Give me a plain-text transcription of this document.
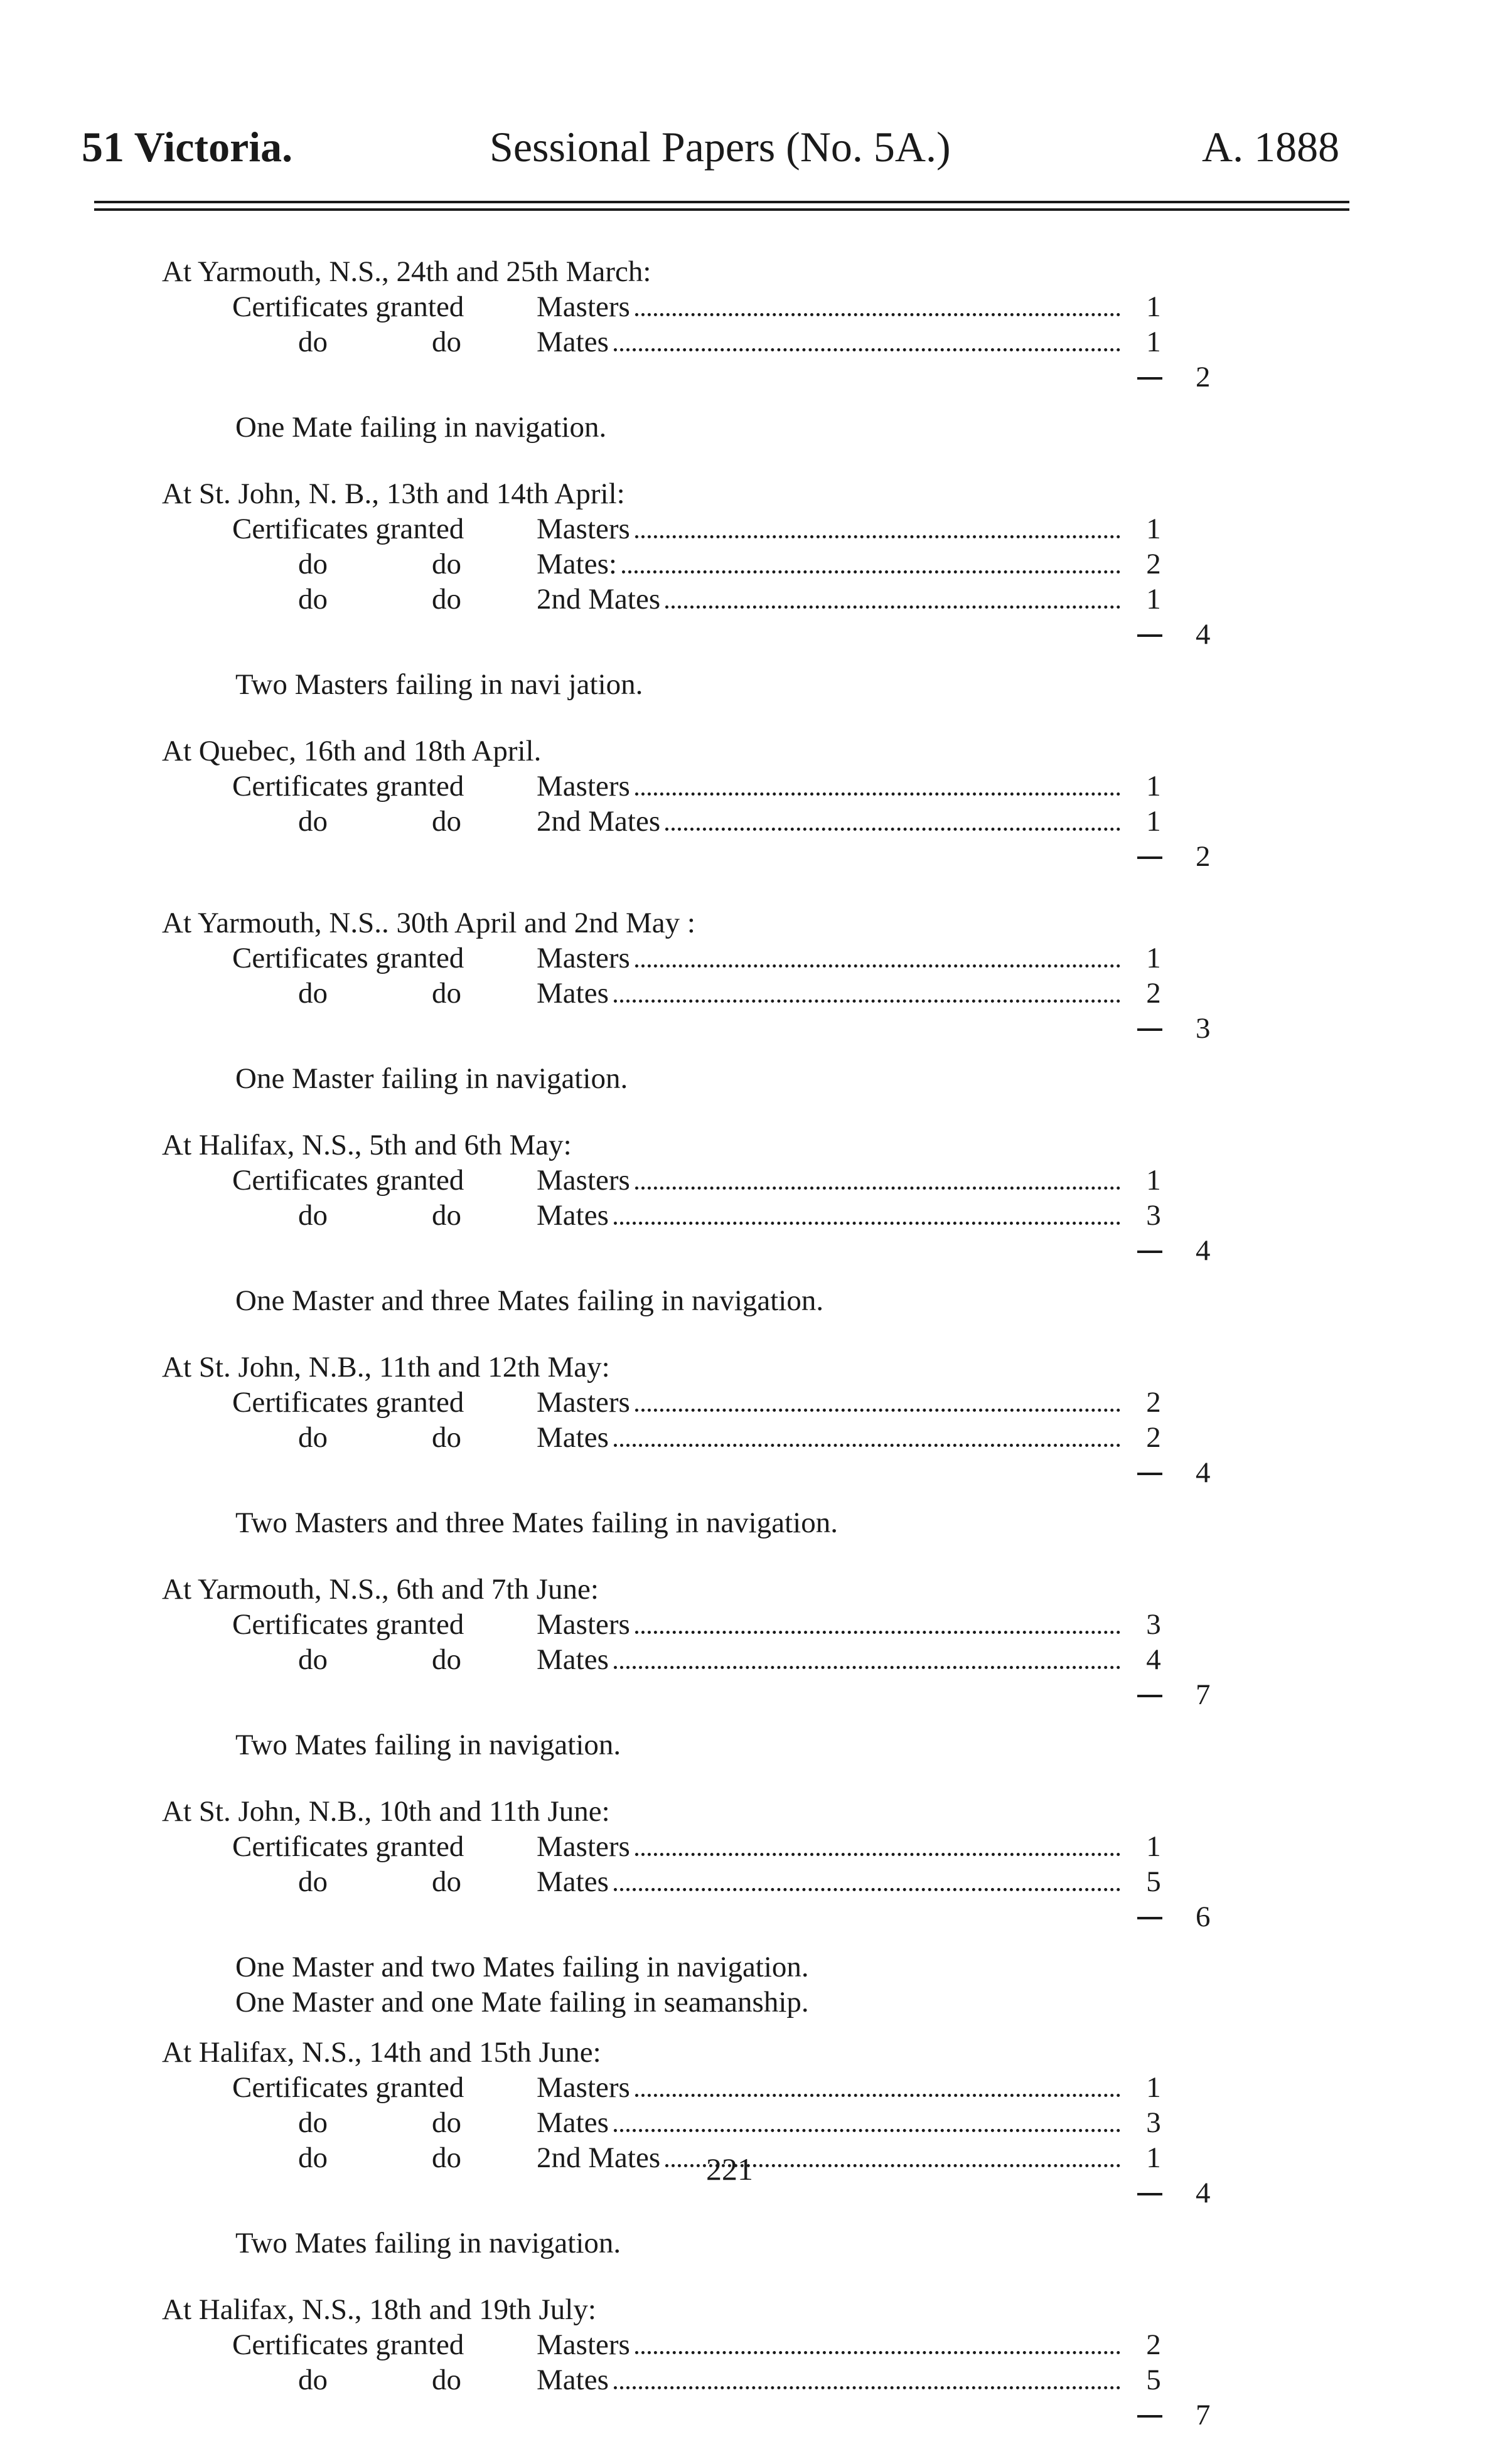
51 Victoria.	Sessional Papers (No. 5A.)	A. 1888
At Yarmouth, N.S., 24th and 25th March:
Certificates granted Masters	1
do	do	Mates	1
2
One Mate failing in navigation.
At St. John, N. B., 13th and 14th April:
Certificates granted Masters	1
do	do	Mates:	2
do	do	2nd Mates	1
4
Two Masters failing in navi jation.
At Quebec, 16th and 18th April.
Certificates granted Masters	1
do	do	2nd Mates	1
2
At Yarmouth, N.S.. 30th April and 2nd May :
Certificates granted Masters	1
do	do	Mates	2
3
One Master failing in navigation.
At Halifax, N.S., 5th and 6th May:
Certificates granted Masters	1
do	do	Mates	3
4
One Master and three Mates failing in navigation.
At St. John, N.B., 11th and 12th May:
Certificates granted Masters	2
do	do	Mates	2
4
Two Masters and three Mates failing in navigation.
At Yarmouth, N.S., 6th and 7th June:
Certificates granted Masters	3
do	do	Mates	4
7
Two Mates failing in navigation.
At St. John, N.B., 10th and 11th June:
Certificates granted Masters	1
do	do	Mates	5
6
One Master and two Mates failing in navigation.
One Master and one Mate failing in seamanship.
At Halifax, N.S., 14th and 15th June:
Certificates granted Masters	1
do	do	Mates	3
do	do	2nd Mates	1
4
Two Mates failing in navigation.
At Halifax, N.S., 18th and 19th July:
Certificates granted Masters	2
do	do	Mates	5
7
221
